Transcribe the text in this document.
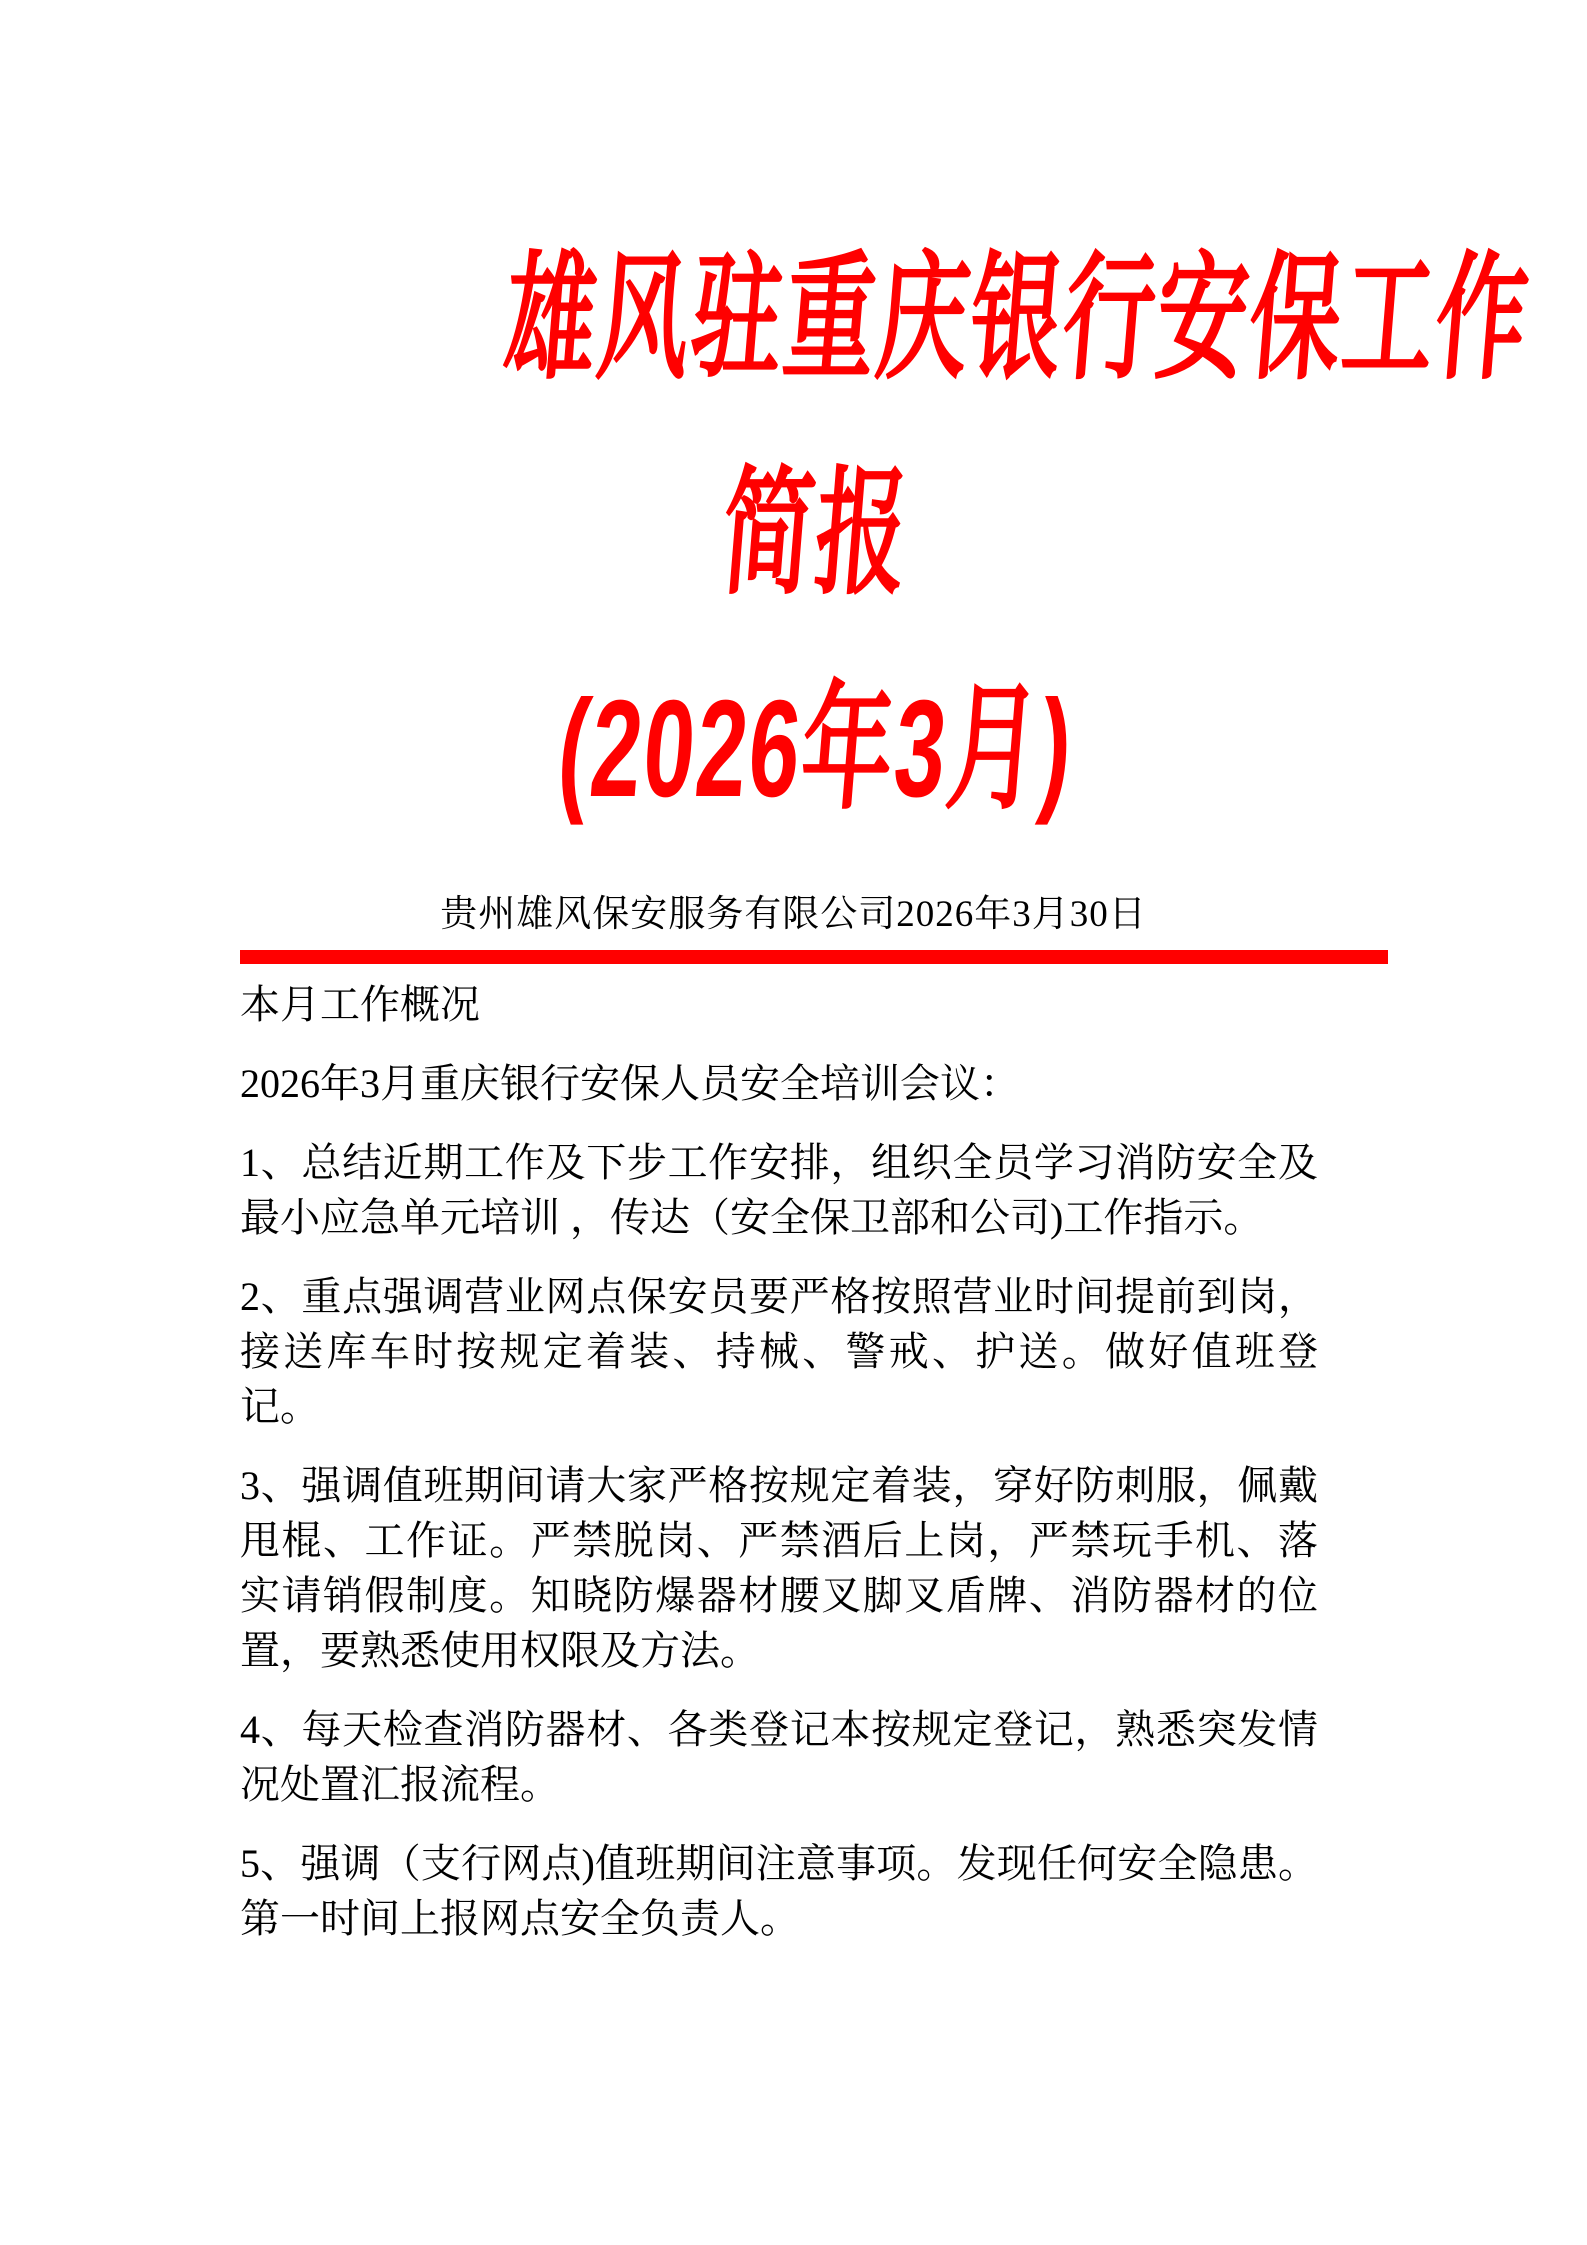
雄风驻重庆银行安保工作
简报
(2026年3月)
贵州雄风保安服务有限公司2026年3月30日

本月工作概况

2026年3月重庆银行安保人员安全培训会议：

1、总结近期工作及下步工作安排，组织全员学习消防安全及最小应急单元培训 ，传达（安全保卫部和公司)工作指示。

2、重点强调营业网点保安员要严格按照营业时间提前到岗，接送库车时按规定着装、持械、警戒、护送。做好值班登记。

3、强调值班期间请大家严格按规定着装，穿好防刺服，佩戴甩棍、工作证。严禁脱岗、严禁酒后上岗，严禁玩手机、落实请销假制度。知晓防爆器材腰叉脚叉盾牌、消防器材的位置，要熟悉使用权限及方法。

4、每天检查消防器材、各类登记本按规定登记，熟悉突发情况处置汇报流程。

5、强调（支行网点)值班期间注意事项。发现任何安全隐患。第一时间上报网点安全负责人。
